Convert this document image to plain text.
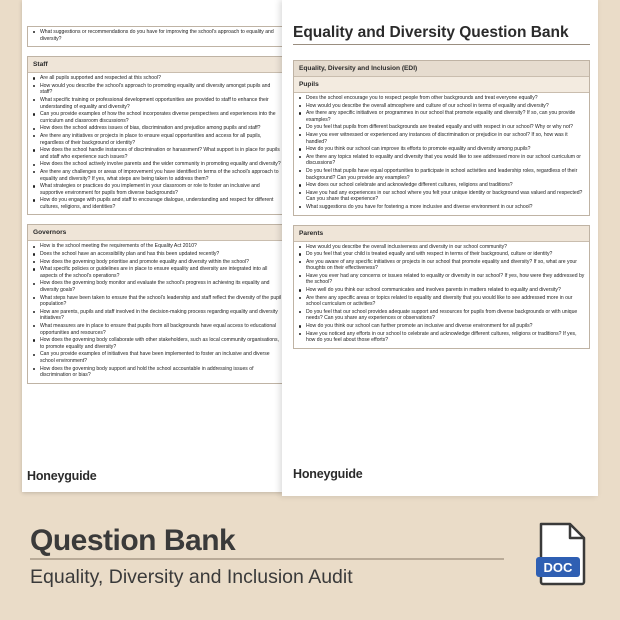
What suggestions or recommendations do you have for improving the school's approach to equality and diversity?
Staff
Are all pupils supported and respected at this school?
How would you describe the school's approach to promoting equality and diversity amongst pupils and staff?
What specific training or professional development opportunities are provided to staff to enhance their understanding of equality and diversity?
Can you provide examples of how the school incorporates diverse perspectives and experiences into the curriculum and classroom discussions?
How does the school address issues of bias, discrimination and prejudice among pupils and staff?
Are there any initiatives or projects in place to ensure equal opportunities and access for all pupils, regardless of their background or identity?
How does the school handle instances of discrimination or harassment? What support is in place for pupils and staff who experience such issues?
How does the school actively involve parents and the wider community in promoting equality and diversity?
Are there any challenges or areas of improvement you have identified in terms of the school's approach to equality and diversity? If yes, what steps are being taken to address them?
What strategies or practices do you implement in your classroom or role to foster an inclusive and supportive environment for pupils from diverse backgrounds?
How do you engage with pupils and staff to encourage dialogue, understanding and respect for different cultures, religions, and identities?
Governors
How is the school meeting the requirements of the Equality Act 2010?
Does the school have an accessibility plan and has this been updated recently?
How does the governing body prioritise and promote equality and diversity within the school?
What specific policies or guidelines are in place to ensure equality and diversity are integrated into all aspects of the school's operations?
How does the governing body monitor and evaluate the school's progress in achieving its equality and diversity goals?
What steps have been taken to ensure that the school's leadership and staff reflect the diversity of the pupil population?
How are parents, pupils and staff involved in the decision-making process regarding equality and diversity initiatives?
What measures are in place to ensure that pupils from all backgrounds have equal access to educational opportunities and resources?
How does the governing body collaborate with other stakeholders, such as local community organisations, to promote equality and diversity?
Can you provide examples of initiatives that have been implemented to foster an inclusive and diverse school environment?
How does the governing body support and hold the school accountable in addressing issues of discrimination or bias?
Honeyguide
Equality and Diversity Question Bank
Equality, Diversity and Inclusion (EDI)
Pupils
Does the school encourage you to respect people from other backgrounds and treat everyone equally?
How would you describe the overall atmosphere and culture of our school in terms of equality and diversity?
Are there any specific initiatives or programmes in our school that promote equality and diversity? If so, can you provide examples?
Do you feel that pupils from different backgrounds are treated equally and with respect in our school? Why or why not?
Have you ever witnessed or experienced any instances of discrimination or prejudice in our school? If so, how was it handled?
How do you think our school can improve its efforts to promote equality and diversity among pupils?
Are there any topics related to equality and diversity that you would like to see addressed more in our school curriculum or discussions?
Do you feel that pupils have equal opportunities to participate in school activities and leadership roles, regardless of their background? Can you provide any examples?
How does our school celebrate and acknowledge different cultures, religions and traditions?
Have you had any experiences in our school where you felt your unique identity or background was valued and respected? Can you share that experience?
What suggestions do you have for fostering a more inclusive and diverse environment in our school?
Parents
How would you describe the overall inclusiveness and diversity in our school community?
Do you feel that your child is treated equally and with respect in terms of their background, culture or identity?
Are you aware of any specific initiatives or projects in our school that promote equality and diversity? If so, what are your thoughts on their effectiveness?
Have you ever had any concerns or issues related to equality or diversity in our school? If yes, how were they addressed by the school?
How well do you think our school communicates and involves parents in matters related to equality and diversity?
Are there any specific areas or topics related to equality and diversity that you would like to see addressed more in our school curriculum or activities?
Do you feel that our school provides adequate support and resources for pupils from diverse backgrounds or with unique needs? Can you share any experiences or observations?
How do you think our school can further promote an inclusive and diverse environment for all pupils?
Have you noticed any efforts in our school to celebrate and acknowledge different cultures, religions or traditions? If yes, how do you feel about those efforts?
Honeyguide
Question Bank
Equality, Diversity and Inclusion Audit	DOC
